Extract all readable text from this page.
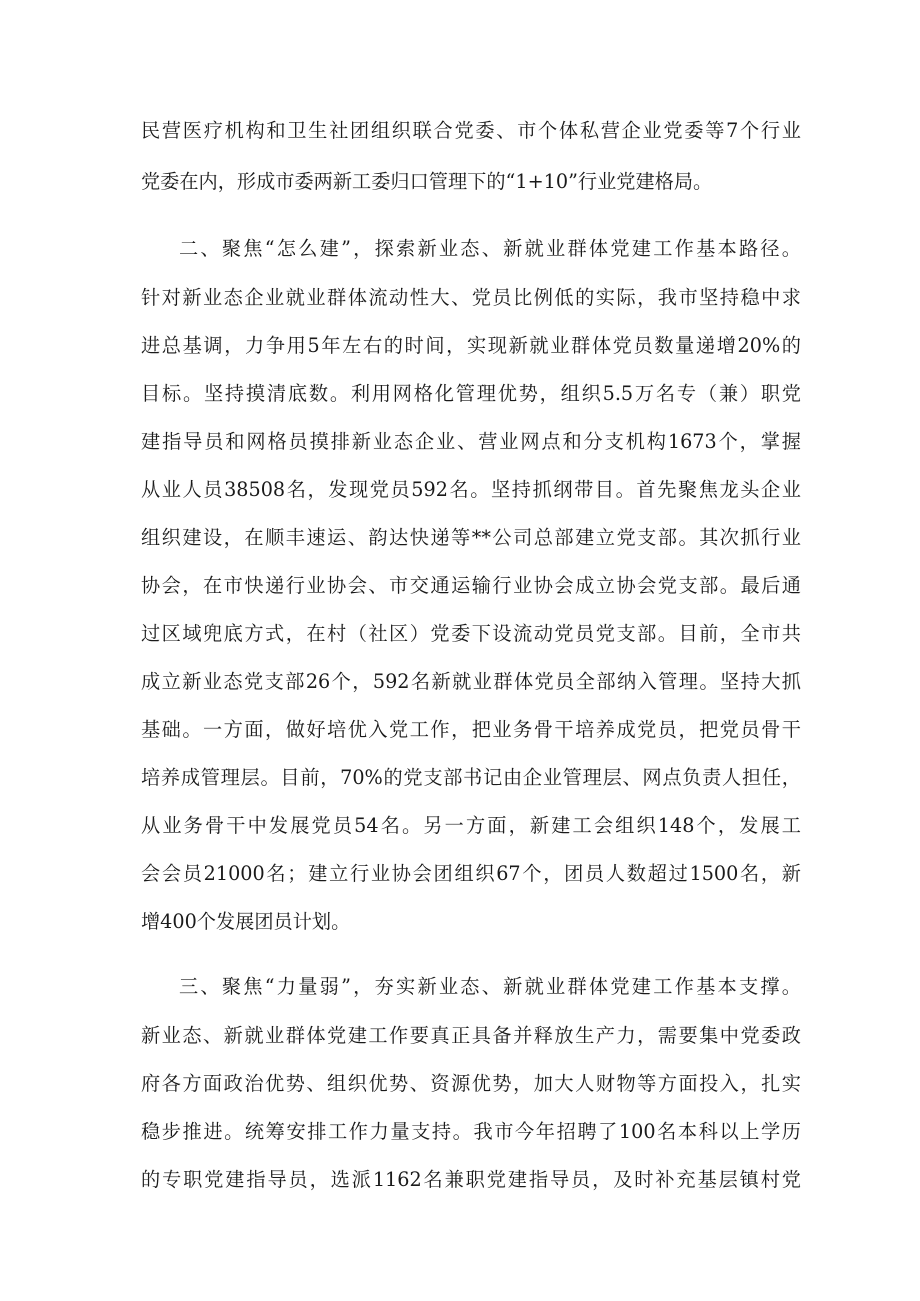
民营医疗机构和卫生社团组织联合党委、市个体私营企业党委等7个行业
党委在内，形成市委两新工委归口管理下的“1+10”行业党建格局。
二、聚焦“怎么建”，探索新业态、新就业群体党建工作基本路径。
针对新业态企业就业群体流动性大、党员比例低的实际，我市坚持稳中求
进总基调，力争用5年左右的时间，实现新就业群体党员数量递增20%的
目标。坚持摸清底数。利用网格化管理优势，组织5.5万名专（兼）职党
建指导员和网格员摸排新业态企业、营业网点和分支机构1673个，掌握
从业人员38508名，发现党员592名。坚持抓纲带目。首先聚焦龙头企业
组织建设，在顺丰速运、韵达快递等**公司总部建立党支部。其次抓行业
协会，在市快递行业协会、市交通运输行业协会成立协会党支部。最后通
过区域兜底方式，在村（社区）党委下设流动党员党支部。目前，全市共
成立新业态党支部26个，592名新就业群体党员全部纳入管理。坚持大抓
基础。一方面，做好培优入党工作，把业务骨干培养成党员，把党员骨干
培养成管理层。目前，70%的党支部书记由企业管理层、网点负责人担任，
从业务骨干中发展党员54名。另一方面，新建工会组织148个，发展工
会会员21000名；建立行业协会团组织67个，团员人数超过1500名，新
增400个发展团员计划。
三、聚焦“力量弱”，夯实新业态、新就业群体党建工作基本支撑。
新业态、新就业群体党建工作要真正具备并释放生产力，需要集中党委政
府各方面政治优势、组织优势、资源优势，加大人财物等方面投入，扎实
稳步推进。统筹安排工作力量支持。我市今年招聘了100名本科以上学历
的专职党建指导员，选派1162名兼职党建指导员，及时补充基层镇村党
